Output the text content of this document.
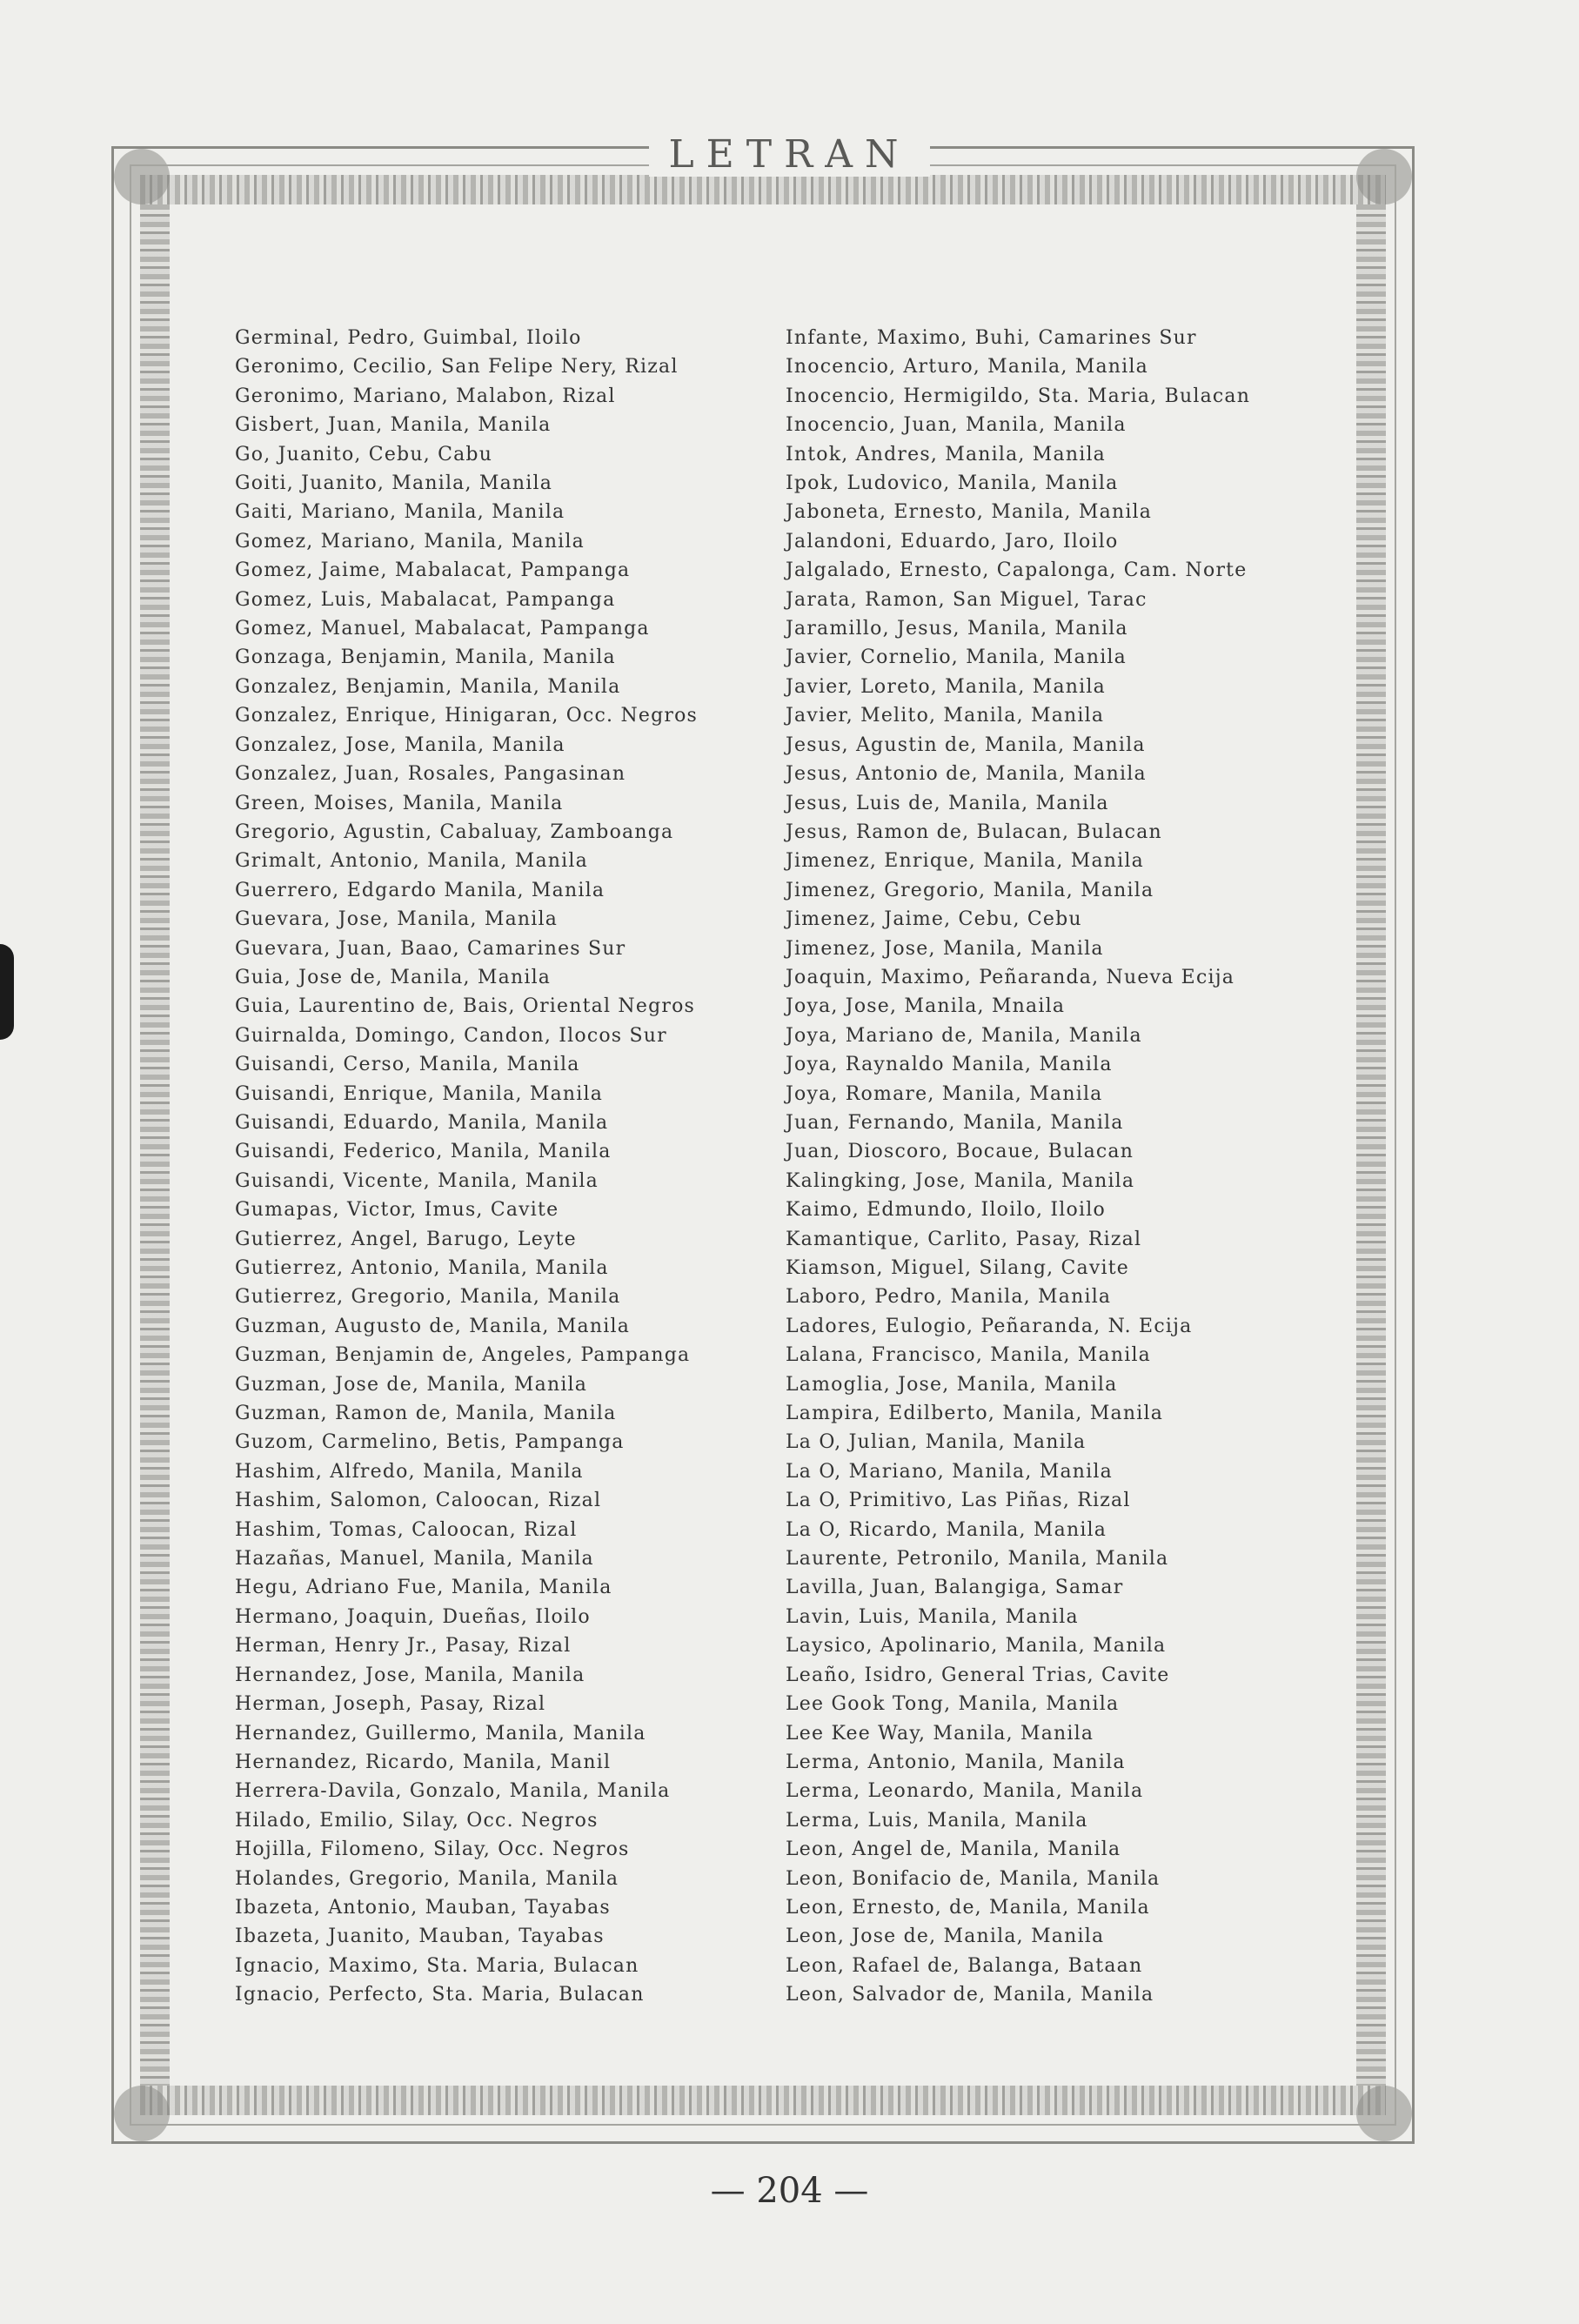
LETRAN
Germinal, Pedro, Guimbal, Iloilo
Geronimo, Cecilio, San Felipe Nery, Rizal
Geronimo, Mariano, Malabon, Rizal
Gisbert, Juan, Manila, Manila
Go, Juanito, Cebu, Cabu
Goiti, Juanito, Manila, Manila
Gaiti, Mariano, Manila, Manila
Gomez, Mariano, Manila, Manila
Gomez, Jaime, Mabalacat, Pampanga
Gomez, Luis, Mabalacat, Pampanga
Gomez, Manuel, Mabalacat, Pampanga
Gonzaga, Benjamin, Manila, Manila
Gonzalez, Benjamin, Manila, Manila
Gonzalez, Enrique, Hinigaran, Occ. Negros
Gonzalez, Jose, Manila, Manila
Gonzalez, Juan, Rosales, Pangasinan
Green, Moises, Manila, Manila
Gregorio, Agustin, Cabaluay, Zamboanga
Grimalt, Antonio, Manila, Manila
Guerrero, Edgardo Manila, Manila
Guevara, Jose, Manila, Manila
Guevara, Juan, Baao, Camarines Sur
Guia, Jose de, Manila, Manila
Guia, Laurentino de, Bais, Oriental Negros
Guirnalda, Domingo, Candon, Ilocos Sur
Guisandi, Cerso, Manila, Manila
Guisandi, Enrique, Manila, Manila
Guisandi, Eduardo, Manila, Manila
Guisandi, Federico, Manila, Manila
Guisandi, Vicente, Manila, Manila
Gumapas, Victor, Imus, Cavite
Gutierrez, Angel, Barugo, Leyte
Gutierrez, Antonio, Manila, Manila
Gutierrez, Gregorio, Manila, Manila
Guzman, Augusto de, Manila, Manila
Guzman, Benjamin de, Angeles, Pampanga
Guzman, Jose de, Manila, Manila
Guzman, Ramon de, Manila, Manila
Guzom, Carmelino, Betis, Pampanga
Hashim, Alfredo, Manila, Manila
Hashim, Salomon, Caloocan, Rizal
Hashim, Tomas, Caloocan, Rizal
Hazañas, Manuel, Manila, Manila
Hegu, Adriano Fue, Manila, Manila
Hermano, Joaquin, Dueñas, Iloilo
Herman, Henry Jr., Pasay, Rizal
Hernandez, Jose, Manila, Manila
Herman, Joseph, Pasay, Rizal
Hernandez, Guillermo, Manila, Manila
Hernandez, Ricardo, Manila, Manil
Herrera-Davila, Gonzalo, Manila, Manila
Hilado, Emilio, Silay, Occ. Negros
Hojilla, Filomeno, Silay, Occ. Negros
Holandes, Gregorio, Manila, Manila
Ibazeta, Antonio, Mauban, Tayabas
Ibazeta, Juanito, Mauban, Tayabas
Ignacio, Maximo, Sta. Maria, Bulacan
Ignacio, Perfecto, Sta. Maria, Bulacan
Infante, Maximo, Buhi, Camarines Sur
Inocencio, Arturo, Manila, Manila
Inocencio, Hermigildo, Sta. Maria, Bulacan
Inocencio, Juan, Manila, Manila
Intok, Andres, Manila, Manila
Ipok, Ludovico, Manila, Manila
Jaboneta, Ernesto, Manila, Manila
Jalandoni, Eduardo, Jaro, Iloilo
Jalgalado, Ernesto, Capalonga, Cam. Norte
Jarata, Ramon, San Miguel, Tarac
Jaramillo, Jesus, Manila, Manila
Javier, Cornelio, Manila, Manila
Javier, Loreto, Manila, Manila
Javier, Melito, Manila, Manila
Jesus, Agustin de, Manila, Manila
Jesus, Antonio de, Manila, Manila
Jesus, Luis de, Manila, Manila
Jesus, Ramon de, Bulacan, Bulacan
Jimenez, Enrique, Manila, Manila
Jimenez, Gregorio, Manila, Manila
Jimenez, Jaime, Cebu, Cebu
Jimenez, Jose, Manila, Manila
Joaquin, Maximo, Peñaranda, Nueva Ecija
Joya, Jose, Manila, Mnaila
Joya, Mariano de, Manila, Manila
Joya, Raynaldo Manila, Manila
Joya, Romare, Manila, Manila
Juan, Fernando, Manila, Manila
Juan, Dioscoro, Bocaue, Bulacan
Kalingking, Jose, Manila, Manila
Kaimo, Edmundo, Iloilo, Iloilo
Kamantique, Carlito, Pasay, Rizal
Kiamson, Miguel, Silang, Cavite
Laboro, Pedro, Manila, Manila
Ladores, Eulogio, Peñaranda, N. Ecija
Lalana, Francisco, Manila, Manila
Lamoglia, Jose, Manila, Manila
Lampira, Edilberto, Manila, Manila
La O, Julian, Manila, Manila
La O, Mariano, Manila, Manila
La O, Primitivo, Las Piñas, Rizal
La O, Ricardo, Manila, Manila
Laurente, Petronilo, Manila, Manila
Lavilla, Juan, Balangiga, Samar
Lavin, Luis, Manila, Manila
Laysico, Apolinario, Manila, Manila
Leaño, Isidro, General Trias, Cavite
Lee Gook Tong, Manila, Manila
Lee Kee Way, Manila, Manila
Lerma, Antonio, Manila, Manila
Lerma, Leonardo, Manila, Manila
Lerma, Luis, Manila, Manila
Leon, Angel de, Manila, Manila
Leon, Bonifacio de, Manila, Manila
Leon, Ernesto, de, Manila, Manila
Leon, Jose de, Manila, Manila
Leon, Rafael de, Balanga, Bataan
Leon, Salvador de, Manila, Manila
— 204 —
